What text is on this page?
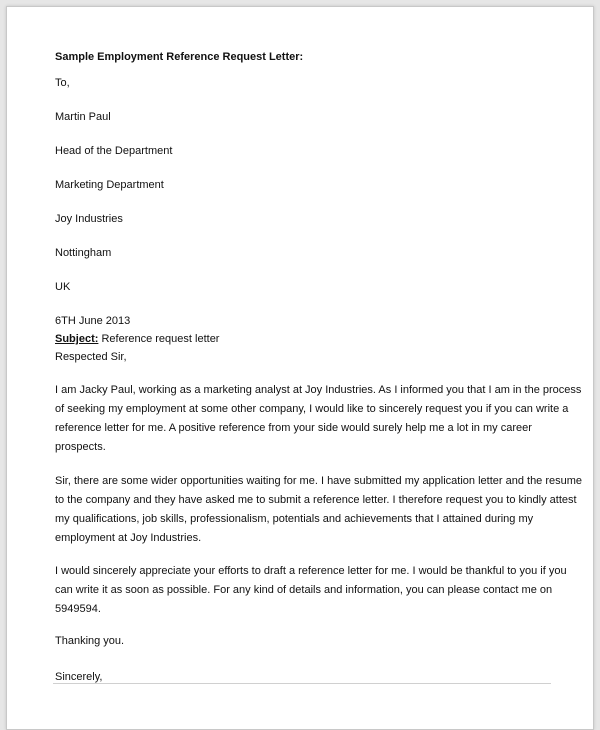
Sample Employment Reference Request Letter:

To,

Martin Paul

Head of the Department

Marketing Department

Joy Industries

Nottingham

UK

6TH June 2013

Subject: Reference request letter

Respected Sir,

I am Jacky Paul, working as a marketing analyst at Joy Industries. As I informed you that I am in the process
of seeking my employment at some other company, I would like to sincerely request you if you can write a
reference letter for me. A positive reference from your side would surely help me a lot in my career
prospects.
Sir, there are some wider opportunities waiting for me. I have submitted my application letter and the resume
to the company and they have asked me to submit a reference letter. I therefore request you to kindly attest
my qualifications, job skills, professionalism, potentials and achievements that I attained during my
employment at Joy Industries.
I would sincerely appreciate your efforts to draft a reference letter for me. I would be thankful to you if you
can write it as soon as possible. For any kind of details and information, you can please contact me on
5949594.

Thanking you.

Sincerely,
